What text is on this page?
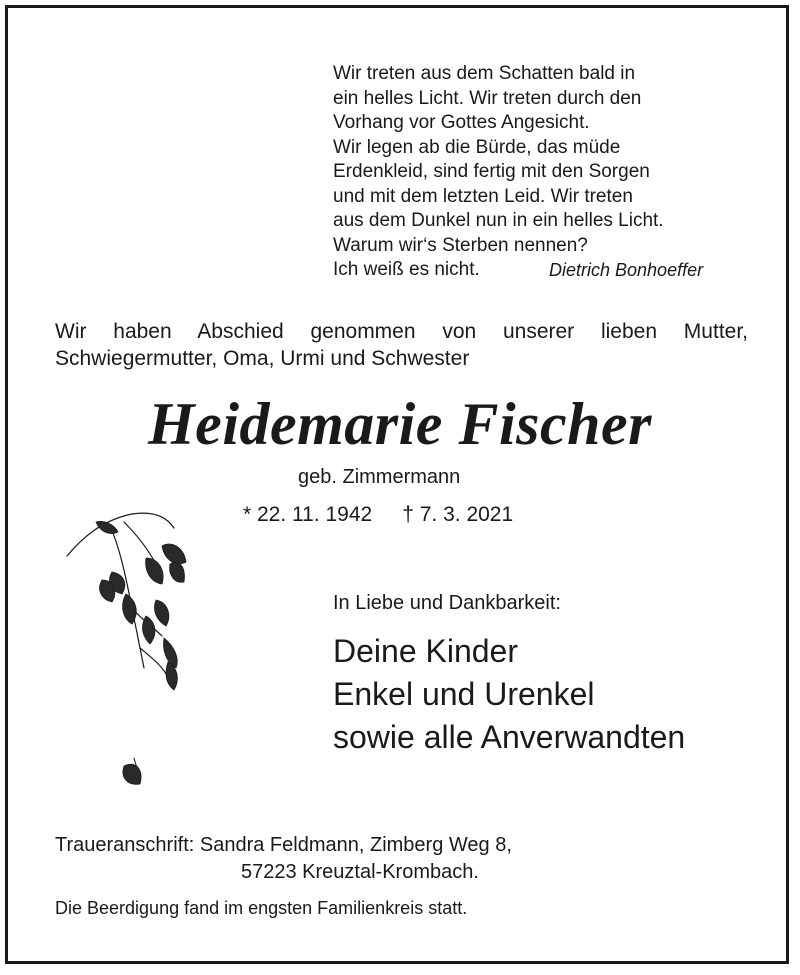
Wir treten aus dem Schatten bald in
ein helles Licht. Wir treten durch den
Vorhang vor Gottes Angesicht.
Wir legen ab die Bürde, das müde
Erdenkleid, sind fertig mit den Sorgen
und mit dem letzten Leid. Wir treten
aus dem Dunkel nun in ein helles Licht.
Warum wir‘s Sterben nennen?
Ich weiß es nicht.	Dietrich Bonhoeffer
Wir haben Abschied genommen von unserer lieben Mutter,
Schwiegermutter, Oma, Urmi und Schwester
Heidemarie Fischer
geb. Zimmermann
* 22. 11. 1942 † 7. 3. 2021
In Liebe und Dankbarkeit:
Deine Kinder
Enkel und Urenkel
sowie alle Anverwandten
Traueranschrift: Sandra Feldmann, Zimberg Weg 8,
57223 Kreuztal-Krombach.
Die Beerdigung fand im engsten Familienkreis statt.
